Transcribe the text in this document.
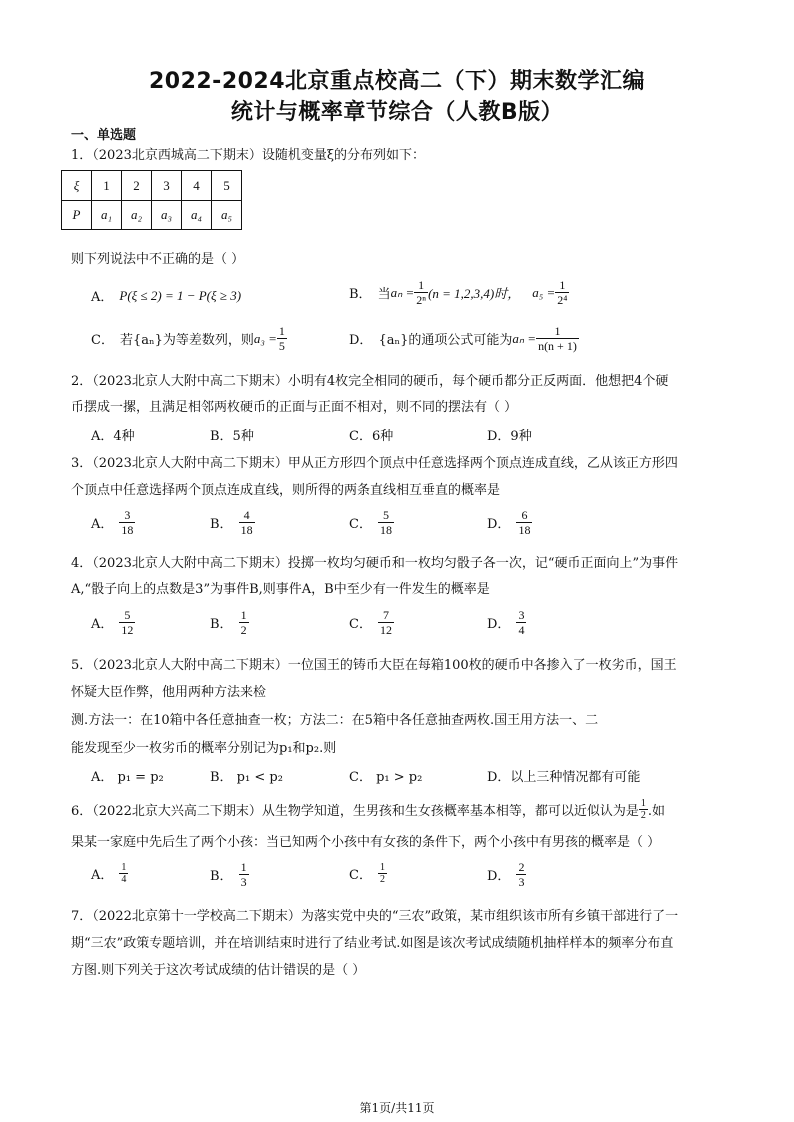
2022-2024北京重点校高二（下）期末数学汇编
统计与概率章节综合（人教B版）
一、单选题
1．（2023北京西城高二下期末）设随机变量ξ的分布列如下：
ξ	1	2	3	4	5
P	a₁	a₂	a₃	a₄	a₅
则下列说法中不正确的是（ ）
A． P(ξ ≤ 2) = 1 − P(ξ ≥ 3)	B． 当 $a_n = \frac{1}{\text{2ⁿ}} (n = 1,2,3,4)$时， $a_5 = \frac{1}{\text{2⁴}}$
C． 若{aₙ}为等差数列，则 $a_3 = \frac{1}{5}$	D． {aₙ}的通项公式可能为 $a_n = \frac{1}{n(n + 1)}$
2．（2023北京人大附中高二下期末）小明有4枚完全相同的硬币，每个硬币都分正反两面．他想把4个硬
币摆成一摞，且满足相邻两枚硬币的正面与正面不相对，则不同的摆法有（ ）
A．4种	B．5种	C．6种	D．9种
3．（2023北京人大附中高二下期末）甲从正方形四个顶点中任意选择两个顶点连成直线，乙从该正方形四
个顶点中任意选择两个顶点连成直线，则所得的两条直线相互垂直的概率是
A． $\frac{3}{18}$	B． $\frac{4}{18}$	C． $\frac{5}{18}$	D． $\frac{6}{18}$
4．（2023北京人大附中高二下期末）投掷一枚均匀硬币和一枚均匀骰子各一次，记“硬币正面向上”为事件
A,“骰子向上的点数是3”为事件B,则事件A，B中至少有一件发生的概率是
A． $\frac{5}{12}$	B． $\frac{1}{2}$	C． $\frac{7}{12}$	D． $\frac{3}{4}$
5．（2023北京人大附中高二下期末）一位国王的铸币大臣在每箱100枚的硬币中各掺入了一枚劣币，国王
怀疑大臣作弊，他用两种方法来检
测.方法一：在10箱中各任意抽查一枚；方法二：在5箱中各任意抽查两枚.国王用方法一、二
能发现至少一枚劣币的概率分别记为p₁和p₂.则
A． p₁ = p₂	B． p₁ < p₂	C． p₁ > p₂	D．以上三种情况都有可能
6．（2022北京大兴高二下期末）从生物学知道，生男孩和生女孩概率基本相等，都可以近似认为是 $\frac{1}{2}$ .如
果某一家庭中先后生了两个小孩：当已知两个小孩中有女孩的条件下，两个小孩中有男孩的概率是（ ）
A． $\frac{1}{4}$	B． $\frac{1}{3}$	C． $\frac{1}{2}$	D． $\frac{2}{3}$
7．（2022北京第十一学校高二下期末）为落实党中央的“三农”政策，某市组织该市所有乡镇干部进行了一
期“三农”政策专题培训，并在培训结束时进行了结业考试.如图是该次考试成绩随机抽样样本的频率分布直
方图.则下列关于这次考试成绩的估计错误的是（ ）
第1页/共11页
